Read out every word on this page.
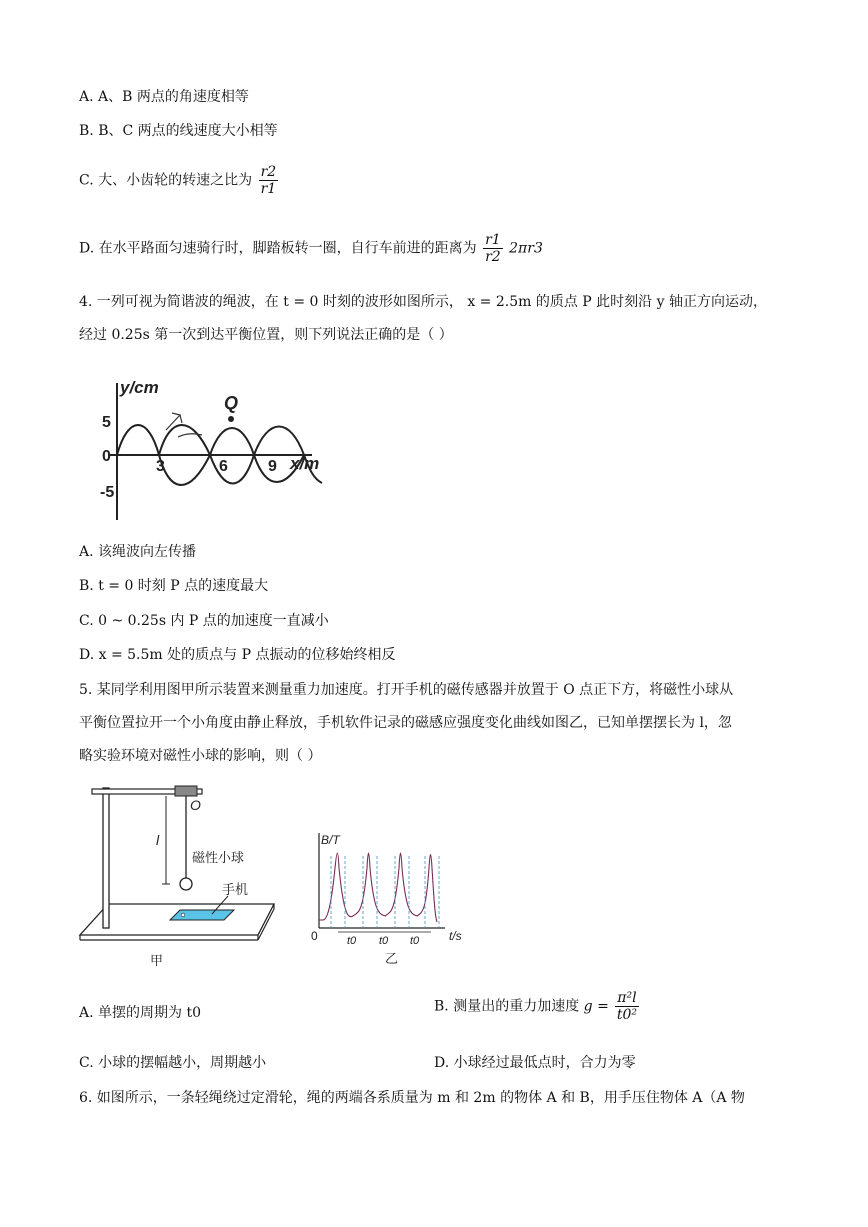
A. A、B 两点的角速度相等
B. B、C 两点的线速度大小相等
C. 大、小齿轮的转速之比为 $\frac{r2}{r1}$
D. 在水平路面匀速骑行时，脚踏板转一圈，自行车前进的距离为 $\frac{r1}{r2} 2\pi r3$
4. 一列可视为简谐波的绳波，在 t = 0 时刻的波形如图所示， x = 2.5m 的质点 P 此时刻沿 y 轴正方向运动，
经过 0.25s 第一次到达平衡位置，则下列说法正确的是（ ）
Q
y/cm
x/m
5
0
-5
3	6	9
A. 该绳波向左传播
B. t = 0 时刻 P 点的速度最大
C. 0 ~ 0.25s 内 P 点的加速度一直减小
D. x = 5.5m 处的质点与 P 点振动的位移始终相反
5. 某同学利用图甲所示装置来测量重力加速度。打开手机的磁传感器并放置于 O 点正下方，将磁性小球从
平衡位置拉开一个小角度由静止释放，手机软件记录的磁感应强度变化曲线如图乙，已知单摆摆长为 l，忽
略实验环境对磁性小球的影响，则（ ）
O
l
磁性小球
手机
甲
B/T
t/s
0	t0 t0 t0
乙
A. 单摆的周期为 t0	B. 测量出的重力加速度 $g = \frac{\text{π²l}}{\text{t0²}}$
C. 小球的摆幅越小，周期越小	D. 小球经过最低点时，合力为零
6. 如图所示，一条轻绳绕过定滑轮，绳的两端各系质量为 m 和 2m 的物体 A 和 B，用手压住物体 A（A 物
